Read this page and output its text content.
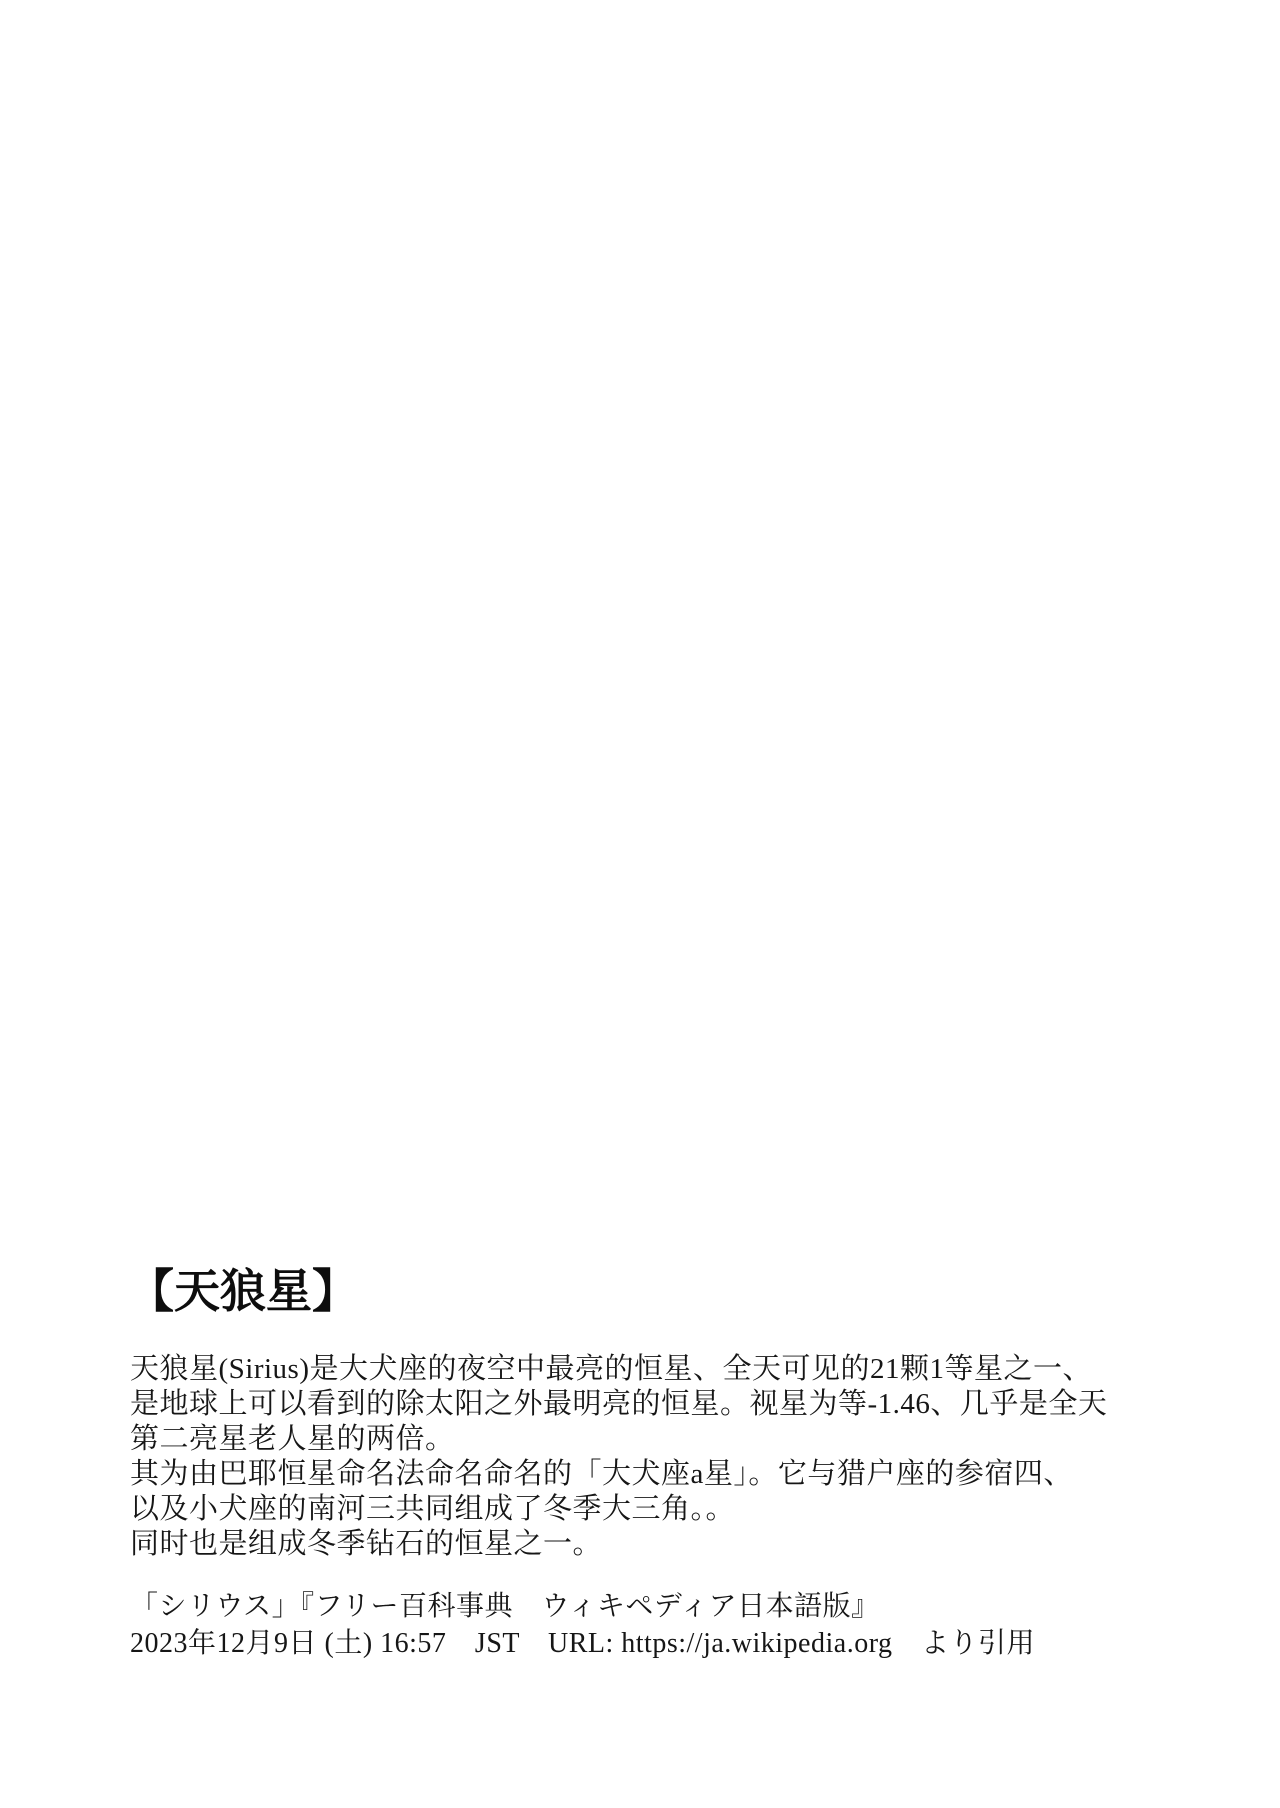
【天狼星】
天狼星(Sirius)是大犬座的夜空中最亮的恒星、全天可见的21颗1等星之一、
是地球上可以看到的除太阳之外最明亮的恒星。视星为等-1.46、几乎是全天
第二亮星老人星的两倍。
其为由巴耶恒星命名法命名命名的「大犬座a星」。它与猎户座的参宿四、
以及小犬座的南河三共同组成了冬季大三角。。
同时也是组成冬季钻石的恒星之一。
「シリウス」『フリー百科事典　ウィキペディア日本語版』
2023年12月9日 (土) 16:57　JST　URL: https://ja.wikipedia.org　より引用
